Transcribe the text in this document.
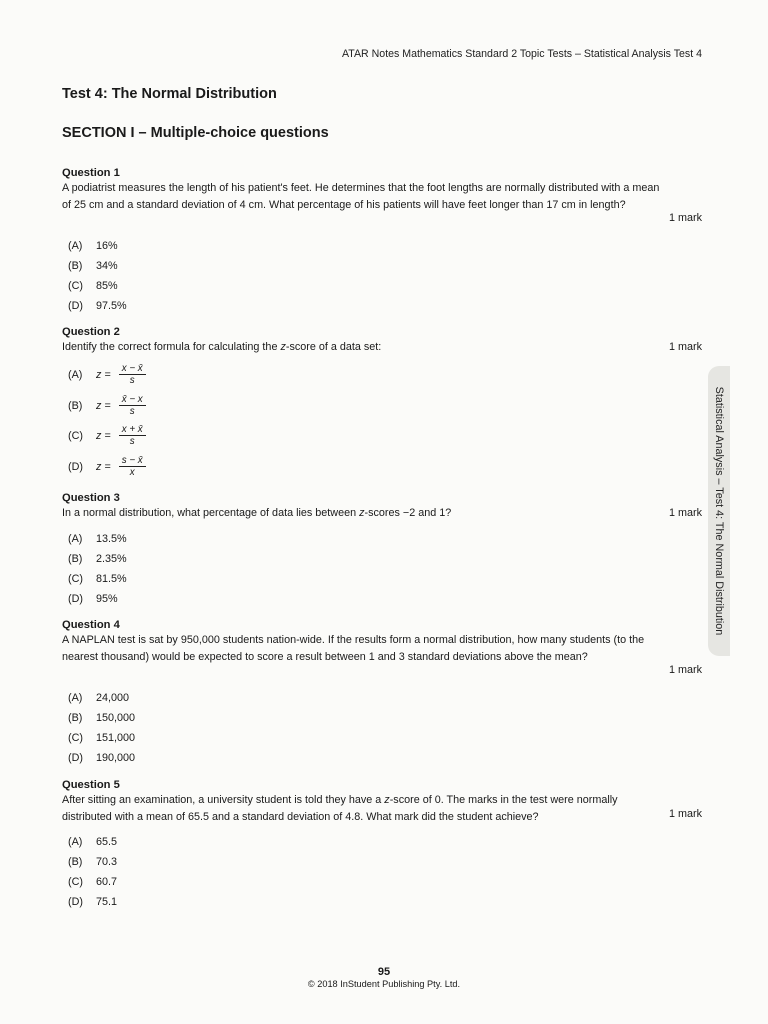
ATAR Notes Mathematics Standard 2 Topic Tests – Statistical Analysis Test 4
Test 4: The Normal Distribution
SECTION I – Multiple-choice questions
Question 1
A podiatrist measures the length of his patient's feet. He determines that the foot lengths are normally distributed with a mean of 25 cm and a standard deviation of 4 cm. What percentage of his patients will have feet longer than 17 cm in length?
1 mark
(A) 16%
(B) 34%
(C) 85%
(D) 97.5%
Question 2
Identify the correct formula for calculating the z-score of a data set:	1 mark
(A)	$z = \frac{x - x̄}{s}$
(B)	$z = \frac{x̄ - x}{s}$
(C)	$z = \frac{x + x̄}{s}$
(D)	$z = \frac{s - x̄}{x}$
Question 3
In a normal distribution, what percentage of data lies between z-scores −2 and 1?	1 mark
(A) 13.5%
(B) 2.35%
(C) 81.5%
(D) 95%
Question 4
A NAPLAN test is sat by 950,000 students nation-wide. If the results form a normal distribution, how many students (to the nearest thousand) would be expected to score a result between 1 and 3 standard deviations above the mean?
1 mark
(A) 24,000
(B) 150,000
(C) 151,000
(D) 190,000
Question 5
After sitting an examination, a university student is told they have a z-score of 0. The marks in the test were normally distributed with a mean of 65.5 and a standard deviation of 4.8. What mark did the student achieve?	1 mark
(A) 65.5
(B) 70.3
(C) 60.7
(D) 75.1
Statistical Analysis – Test 4: The Normal Distribution
95
© 2018 InStudent Publishing Pty. Ltd.
